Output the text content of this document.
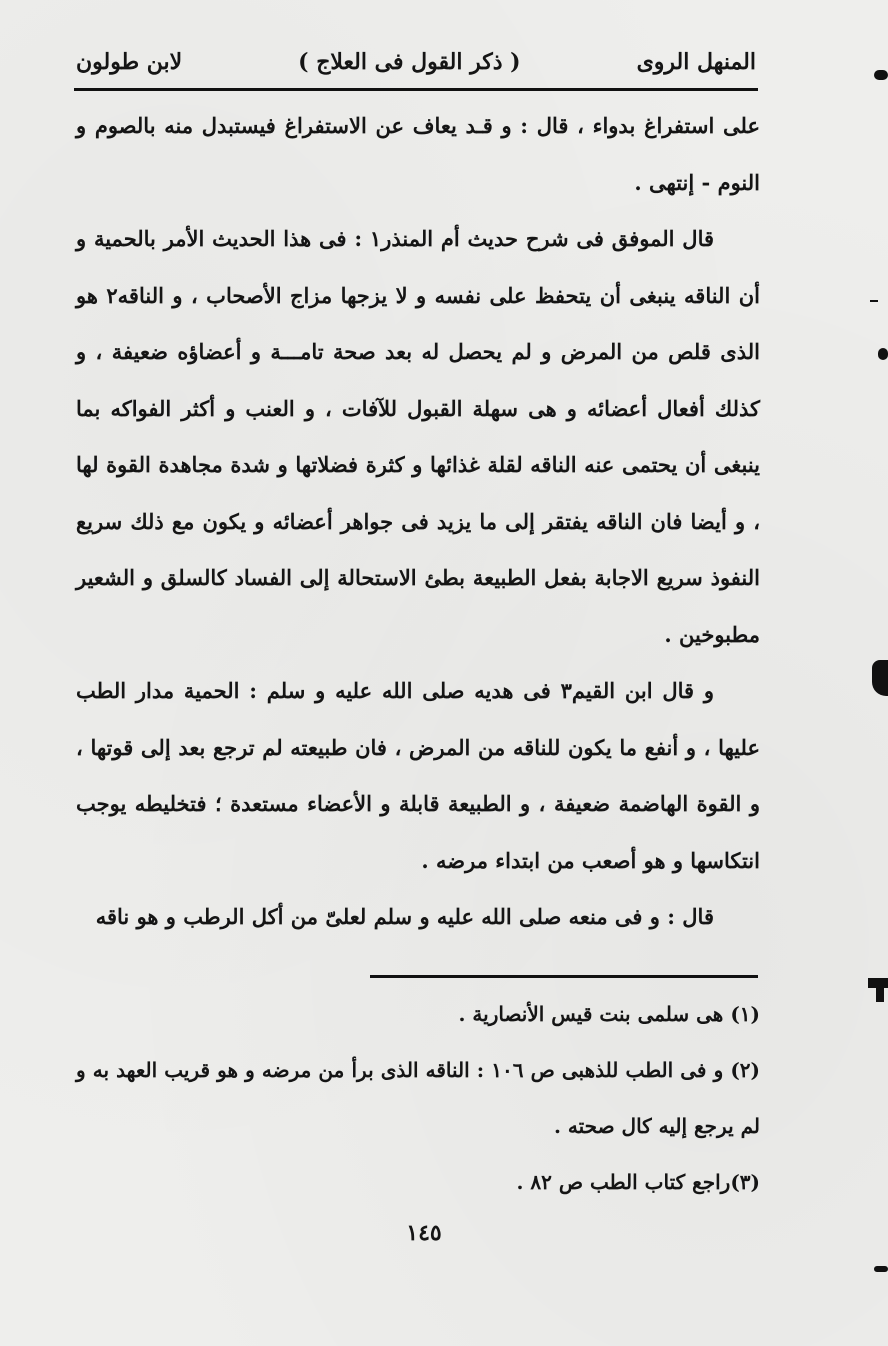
المنهل الروى
( ذكر القول فى العلاج )
لابن طولون

على استفراغ بدواء ، قال : و قـد يعاف عن الاستفراغ فيستبدل منه بالصوم و النوم - إنتهى .

قال الموفق فى شرح حديث أم المنذر١ : فى هذا الحديث الأمر بالحمية و أن الناقه ينبغى أن يتحفظ على نفسه و لا يزجها مزاج الأصحاب ، و الناقه٢ هو الذى قلص من المرض و لم يحصل له بعد صحة تامـــة و أعضاؤه ضعيفة ، و كذلك أفعال أعضائه و هى سهلة القبول للآفات ، و العنب و أكثر الفواكه بما ينبغى أن يحتمى عنه الناقه لقلة غذائها و كثرة فضلاتها و شدة مجاهدة القوة لها ، و أيضا فان الناقه يفتقر إلى ما يزيد فى جواهر أعضائه و يكون مع ذلك سريع النفوذ سريع الاجابة بفعل الطبيعة بطئ الاستحالة إلى الفساد كالسلق و الشعير مطبوخين .

و قال ابن القيم٣ فى هديه صلى الله عليه و سلم : الحمية مدار الطب عليها ، و أنفع ما يكون للناقه من المرض ، فان طبيعته لم ترجع بعد إلى قوتها ، و القوة الهاضمة ضعيفة ، و الطبيعة قابلة و الأعضاء مستعدة ؛ فتخليطه يوجب انتكاسها و هو أصعب من ابتداء مرضه .

قال : و فى منعه صلى الله عليه و سلم لعلىّ من أكل الرطب و هو ناقه

(١) هى سلمى بنت قيس الأنصارية .

(٢) و فى الطب للذهبى ص ١٠٦ : الناقه الذى برأ من مرضه و هو قريب العهد به و لم يرجع إليه كال صحته .

(٣)راجع كتاب الطب ص ٨٢ .

١٤٥
